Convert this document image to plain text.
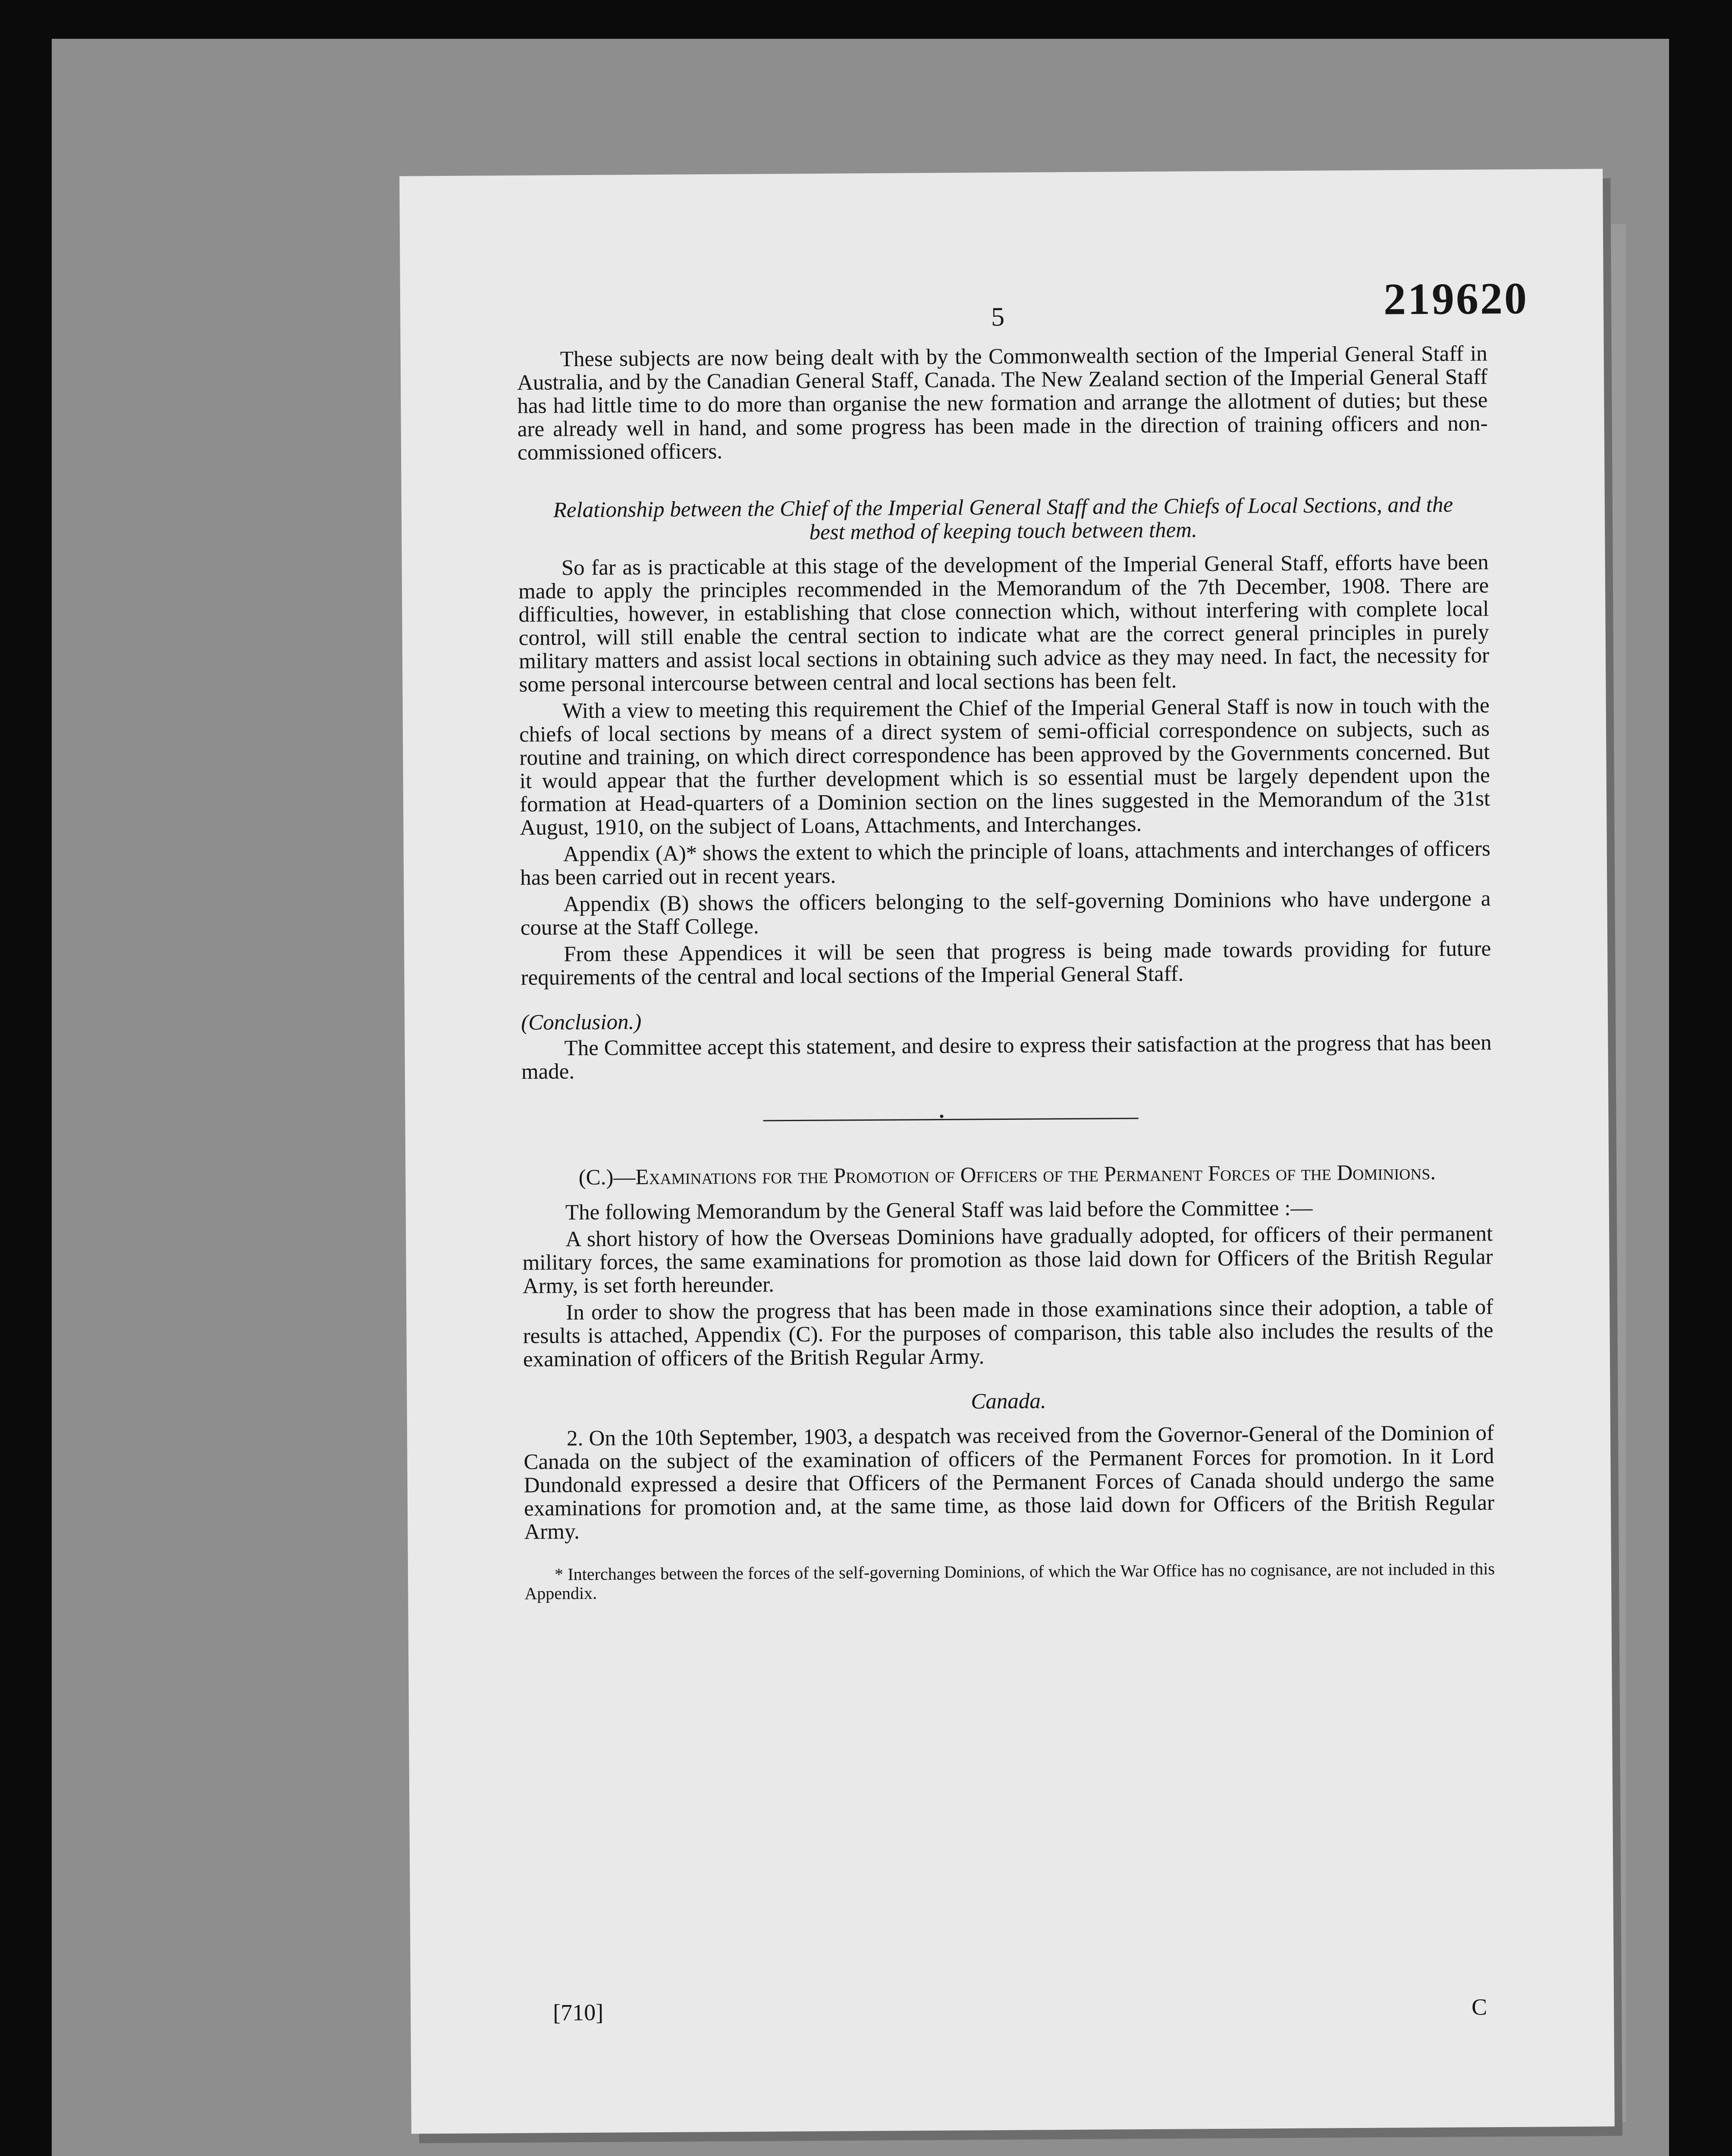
5	219620

These subjects are now being dealt with by the Commonwealth section of the Imperial General Staff in Australia, and by the Canadian General Staff, Canada. The New Zealand section of the Imperial General Staff has had little time to do more than organise the new formation and arrange the allotment of duties; but these are already well in hand, and some progress has been made in the direction of training officers and non-commissioned officers.

Relationship between the Chief of the Imperial General Staff and the Chiefs of Local Sections, and the best method of keeping touch between them.

So far as is practicable at this stage of the development of the Imperial General Staff, efforts have been made to apply the principles recommended in the Memorandum of the 7th December, 1908. There are difficulties, however, in establishing that close connection which, without interfering with complete local control, will still enable the central section to indicate what are the correct general principles in purely military matters and assist local sections in obtaining such advice as they may need. In fact, the necessity for some personal intercourse between central and local sections has been felt.

With a view to meeting this requirement the Chief of the Imperial General Staff is now in touch with the chiefs of local sections by means of a direct system of semi-official correspondence on subjects, such as routine and training, on which direct correspondence has been approved by the Governments concerned. But it would appear that the further development which is so essential must be largely dependent upon the formation at Head-quarters of a Dominion section on the lines suggested in the Memorandum of the 31st August, 1910, on the subject of Loans, Attachments, and Interchanges.

Appendix (A)* shows the extent to which the principle of loans, attachments and interchanges of officers has been carried out in recent years.

Appendix (B) shows the officers belonging to the self-governing Dominions who have undergone a course at the Staff College.

From these Appendices it will be seen that progress is being made towards providing for future requirements of the central and local sections of the Imperial General Staff.

(Conclusion.)

The Committee accept this statement, and desire to express their satisfaction at the progress that has been made.

(C.)—Examinations for the Promotion of Officers of the Permanent Forces of the Dominions.

The following Memorandum by the General Staff was laid before the Committee :—

A short history of how the Overseas Dominions have gradually adopted, for officers of their permanent military forces, the same examinations for promotion as those laid down for Officers of the British Regular Army, is set forth hereunder.

In order to show the progress that has been made in those examinations since their adoption, a table of results is attached, Appendix (C). For the purposes of comparison, this table also includes the results of the examination of officers of the British Regular Army.

Canada.

2. On the 10th September, 1903, a despatch was received from the Governor-General of the Dominion of Canada on the subject of the examination of officers of the Permanent Forces for promotion. In it Lord Dundonald expressed a desire that Officers of the Permanent Forces of Canada should undergo the same examinations for promotion and, at the same time, as those laid down for Officers of the British Regular Army.

* Interchanges between the forces of the self-governing Dominions, of which the War Office has no cognisance, are not included in this Appendix.

[710]	C
